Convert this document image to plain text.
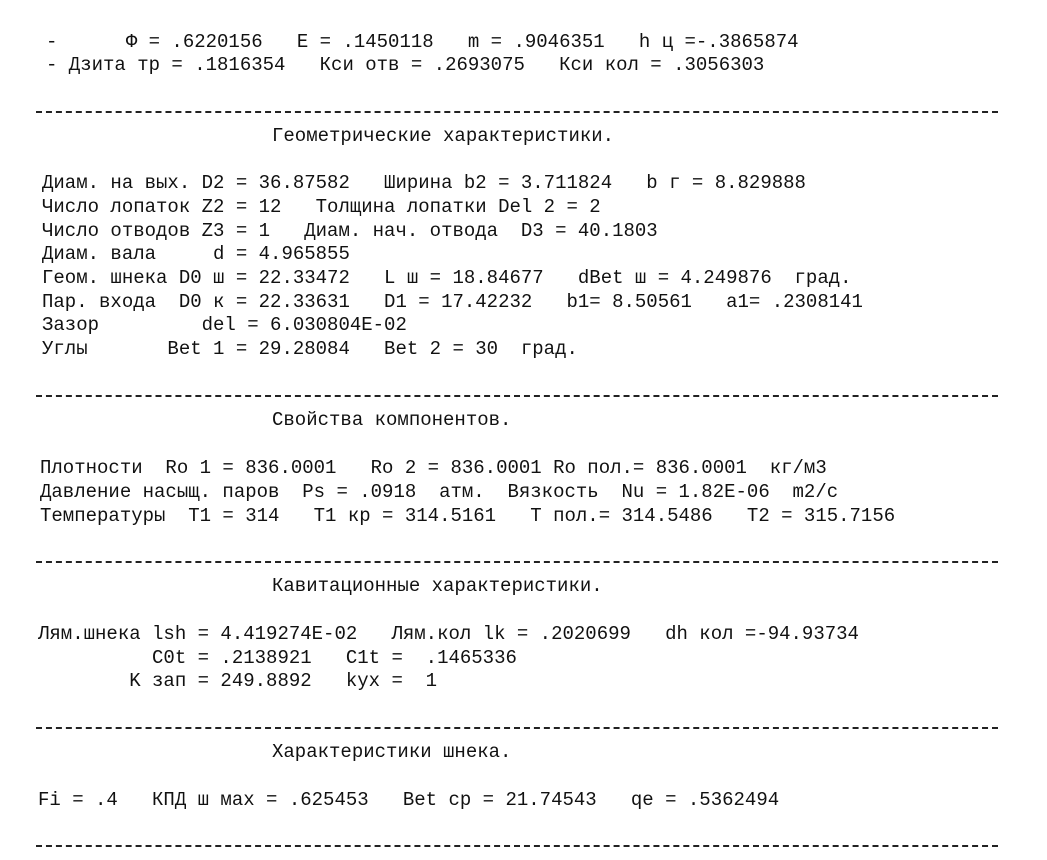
-      Ф = .6220156   E = .1450118   m = .9046351   h ц =-.3865874
- Дзита тр = .1816354   Кси отв = .2693075   Кси кол = .3056303
Геометрические характеристики.
Диам. на вых. D2 = 36.87582   Ширина b2 = 3.711824   b г = 8.829888
Число лопаток Z2 = 12   Толщина лопатки Del 2 = 2
Число отводов Z3 = 1   Диам. нач. отвода  D3 = 40.1803
Диам. вала     d = 4.965855
Геом. шнека D0 ш = 22.33472   L ш = 18.84677   dBet ш = 4.249876  град.
Пар. входа  D0 к = 22.33631   D1 = 17.42232   b1= 8.50561   a1= .2308141
Зазор         del = 6.030804E-02
Углы       Bet 1 = 29.28084   Bet 2 = 30  град.
Свойства компонентов.
Плотности  Ro 1 = 836.0001   Ro 2 = 836.0001 Ro пол.= 836.0001  кг/м3
Давление насыщ. паров  Ps = .0918  атм.  Вязкость  Nu = 1.82E-06  m2/c
Температуры  T1 = 314   T1 кр = 314.5161   T пол.= 314.5486   T2 = 315.7156
Кавитационные характеристики.
Лям.шнека lsh = 4.419274E-02   Лям.кол lk = .2020699   dh кол =-94.93734
C0t = .2138921   C1t =  .1465336
K зап = 249.8892   kyx =  1
Характеристики шнека.
Fi = .4   КПД ш мах = .625453   Bet cp = 21.74543   qe = .5362494
